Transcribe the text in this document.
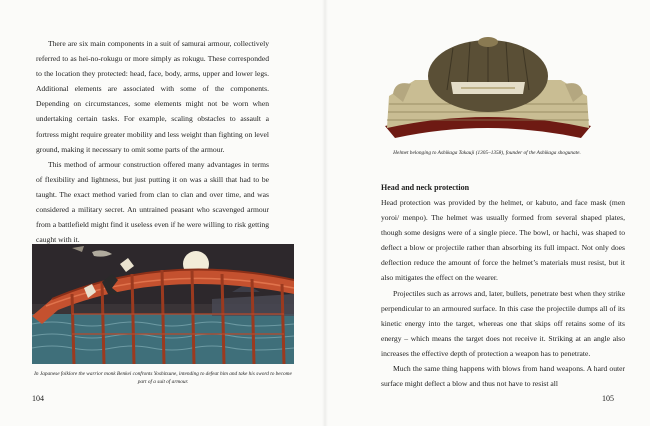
There are six main components in a suit of samurai armour, collectively referred to as hei-no-rokugu or more simply as rokugu. These corresponded to the location they protected: head, face, body, arms, upper and lower legs. Additional elements are associated with some of the components. Depending on circumstances, some elements might not be worn when undertaking certain tasks. For example, scaling obstacles to assault a fortress might require greater mobility and less weight than fighting on level ground, making it necessary to omit some parts of the armour.

This method of armour construction offered many advantages in terms of flexibility and lightness, but just putting it on was a skill that had to be taught. The exact method varied from clan to clan and over time, and was considered a military secret. An untrained peasant who scavenged armour from a battlefield might find it useless even if he were willing to risk getting caught with it.

In Japanese folklore the warrior monk Benkei confronts Yoshitsune, intending to defeat him and take his sword to become part of a suit of armour.
104
Helmet belonging to Ashikaga Takauji (1305–1358), founder of the Ashikaga shogunate.
Head and neck protection

Head protection was provided by the helmet, or kabuto, and face mask (men yoroi/ menpo). The helmet was usually formed from several shaped plates, though some designs were of a single piece. The bowl, or hachi, was shaped to deflect a blow or projectile rather than absorbing its full impact. Not only does deflection reduce the amount of force the helmet’s materials must resist, but it also mitigates the effect on the wearer.

Projectiles such as arrows and, later, bullets, penetrate best when they strike perpendicular to an armoured surface. In this case the projectile dumps all of its kinetic energy into the target, whereas one that skips off retains some of its energy – which means the target does not receive it. Striking at an angle also increases the effective depth of protection a weapon has to penetrate.

Much the same thing happens with blows from hand weapons. A hard outer surface might deflect a blow and thus not have to resist all

105
